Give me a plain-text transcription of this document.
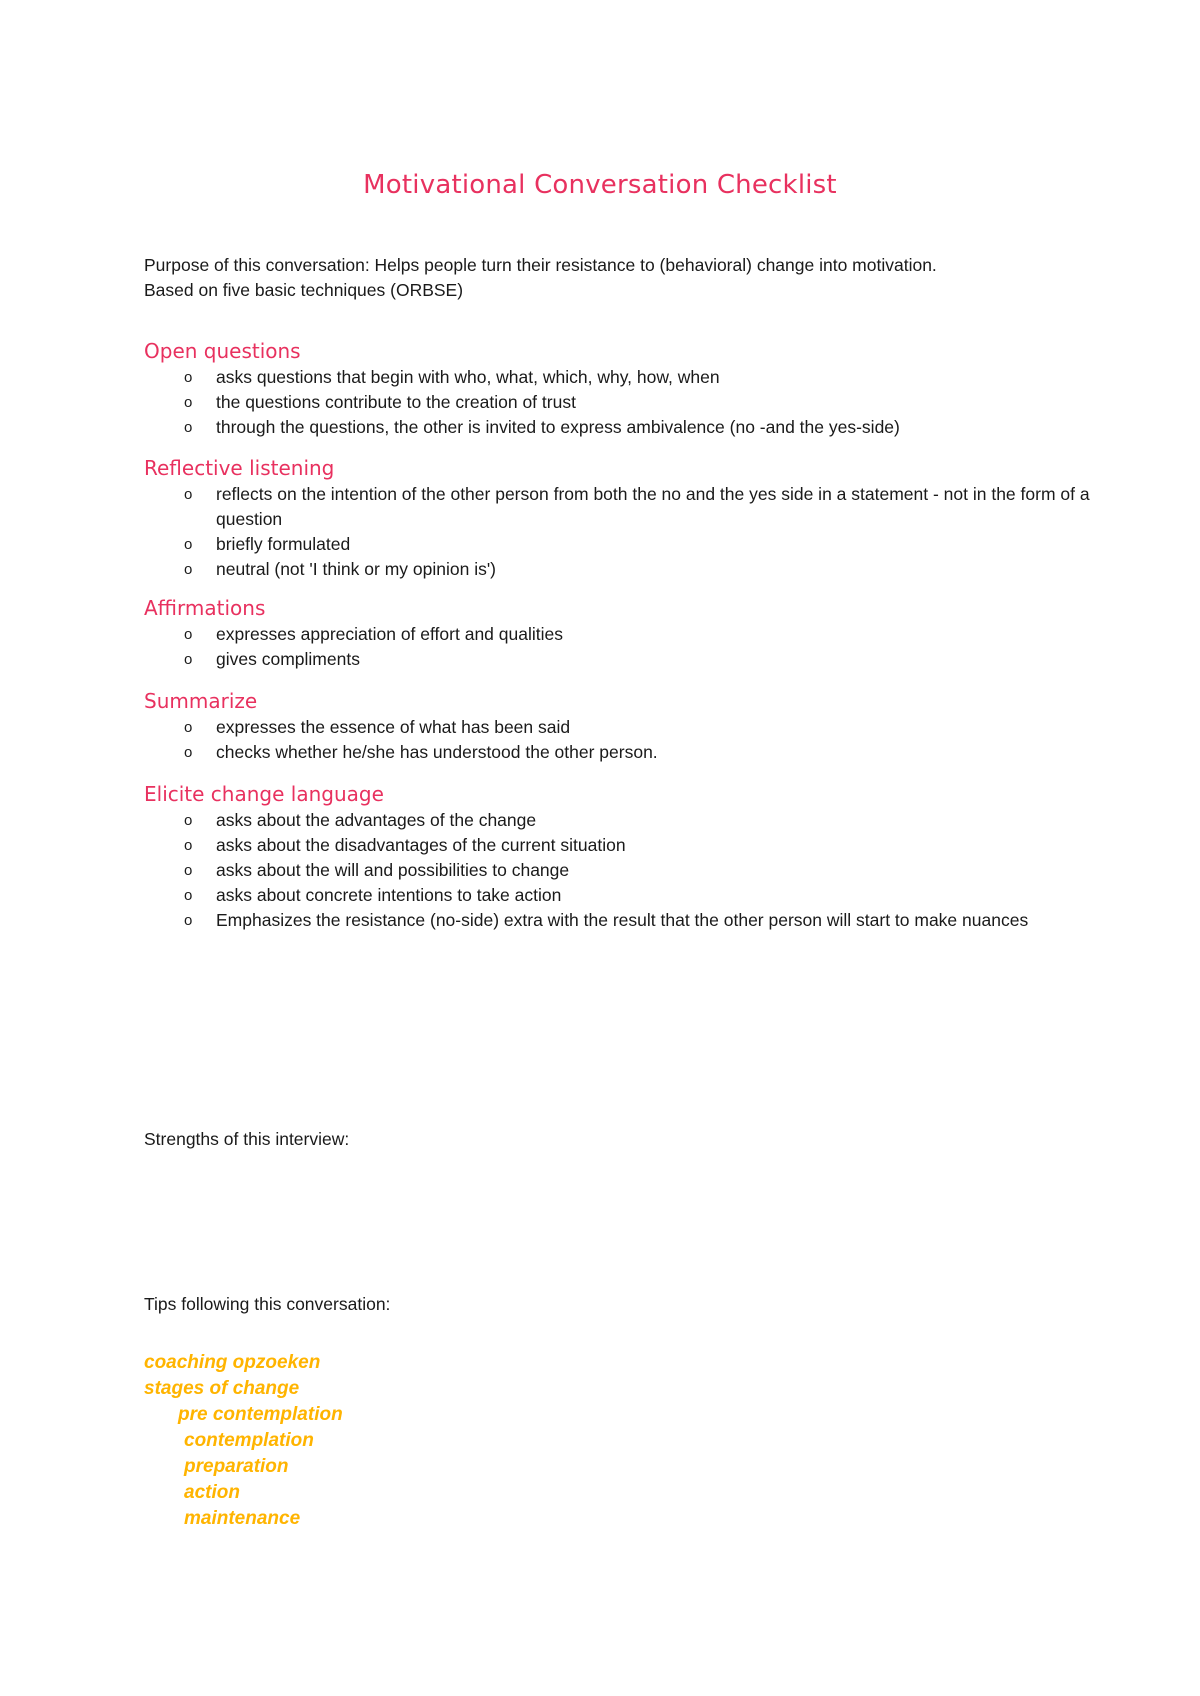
Motivational Conversation Checklist

Purpose of this conversation: Helps people turn their resistance to (behavioral) change into motivation.
Based on five basic techniques (ORBSE)

Open questions
o asks questions that begin with who, what, which, why, how, when
o the questions contribute to the creation of trust
o through the questions, the other is invited to express ambivalence (no -and the yes-side)
Reflective listening
o reflects on the intention of the other person from both the no and the yes side in a statement - not in the form of a question
o briefly formulated
o neutral (not 'I think or my opinion is')
Affirmations
o expresses appreciation of effort and qualities
o gives compliments
Summarize
o expresses the essence of what has been said
o checks whether he/she has understood the other person.
Elicite change language
o asks about the advantages of the change
o asks about the disadvantages of the current situation
o asks about the will and possibilities to change
o asks about concrete intentions to take action
o Emphasizes the resistance (no-side) extra with the result that the other person will start to make nuances

Strengths of this interview:

Tips following this conversation:

coaching opzoeken
stages of change
pre contemplation
contemplation
preparation
action
maintenance
